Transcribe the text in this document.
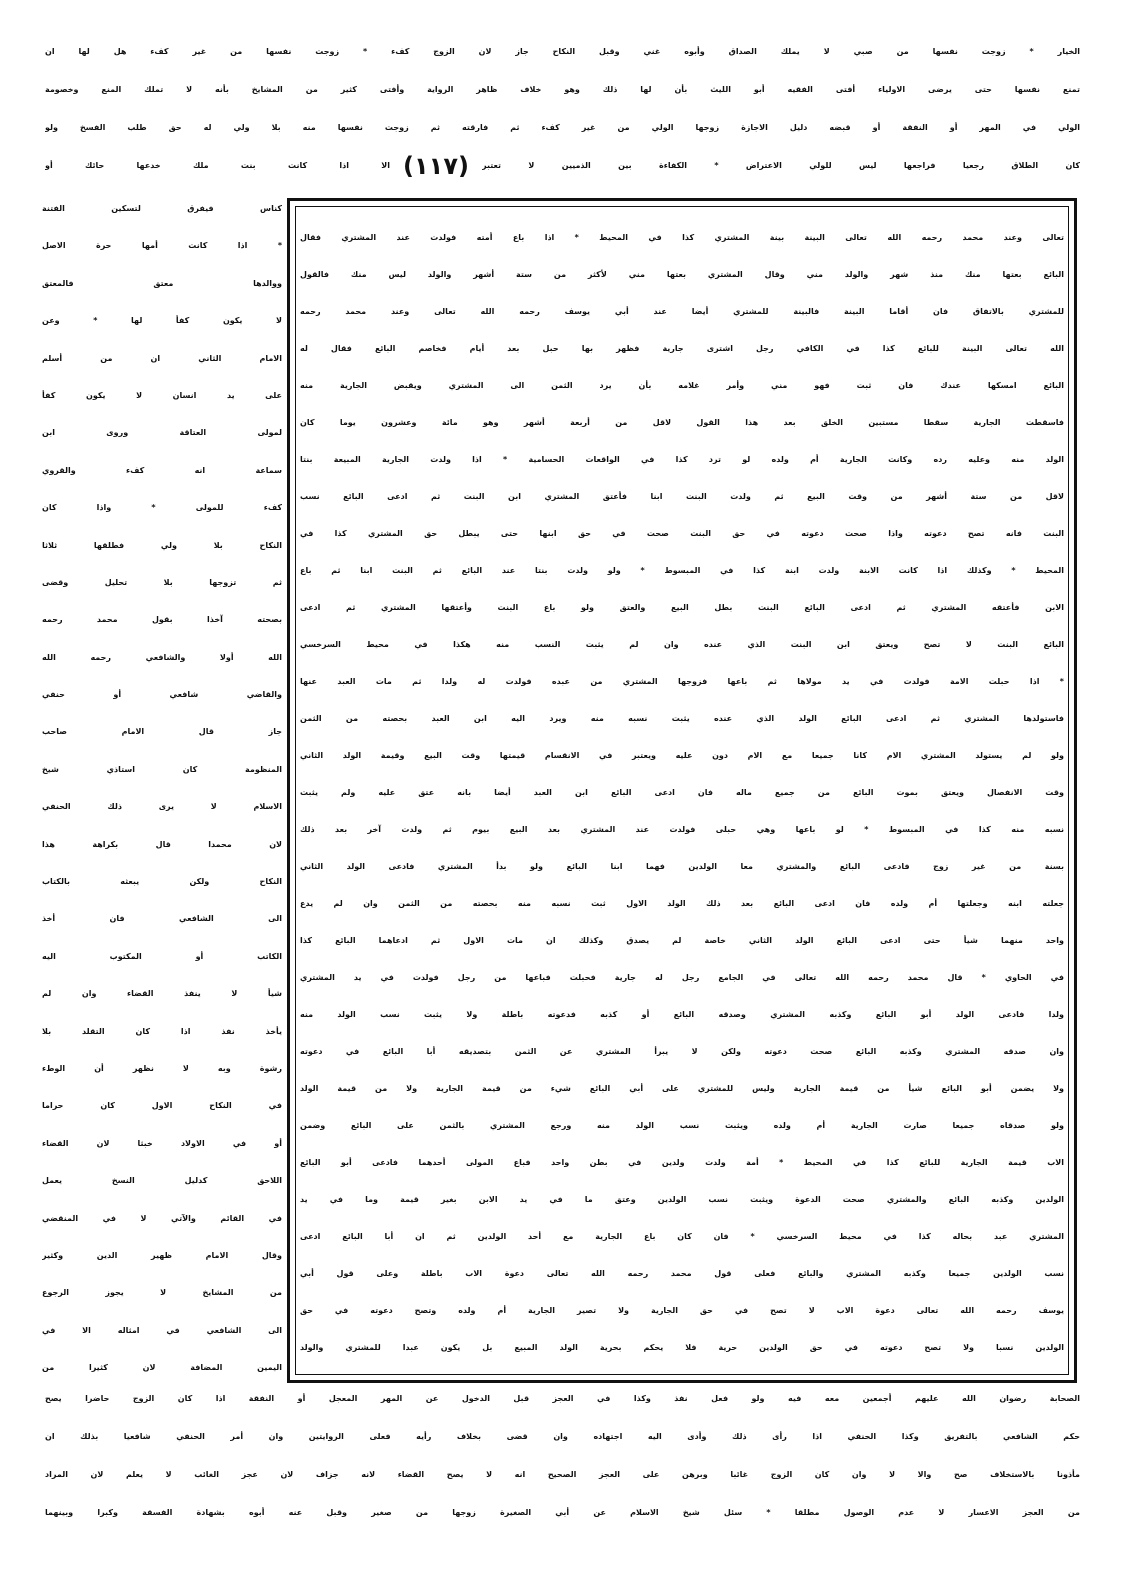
الخيار * زوجت نفسها من صبي لا يملك الصداق وأبوه غني وقبل النكاح جاز لان الزوج كفء * زوجت نفسها من غير كفء هل لها ان
تمنع نفسها حتى يرضى الاولياء أفتى الفقيه أبو الليث بأن لها ذلك وهو خلاف ظاهر الرواية وأفتى كثير من المشايخ بأنه لا تملك المنع وخصومة
الولي في المهر أو النفقة أو قبضه دليل الاجازة زوجها الولي من غير كفء ثم فارقته ثم زوجت نفسها منه بلا ولي له حق طلب الفسخ ولو
كان الطلاق رجعيا فراجعها ليس للولي الاعتراض * الكفاءة بين الذميين لا تعتبر
(١١٧)
الا اذا كانت بنت ملك خدعها حائك أو
كناس فيفرق لتسكين الفتنة
* اذا كانت أمها حرة الاصل
ووالدها معتق فالمعتق
لا يكون كفأ لها * وعن
الامام الثاني ان من أسلم
على يد انسان لا يكون كفأ
لمولى العتاقة وروى ابن
سماعة انه كفء والقروي
كفء للمولى * واذا كان
النكاح بلا ولي فطلقها ثلاثا
ثم تزوجها بلا تحليل وقضى
بصحته آخذا بقول محمد رحمه
الله أولا والشافعي رحمه الله
والقاضي شافعي أو حنفي
جاز قال الامام صاحب
المنظومة كان استاذي شيخ
الاسلام لا يرى ذلك الحنفي
لان محمدا قال بكراهة هذا
النكاح ولكن يبعثه بالكتاب
الى الشافعي فان أخذ
الكاتب أو المكتوب اليه
شيأ لا ينفذ القضاء وان لم
يأخذ نفذ اذا كان التقلد بلا
رشوة وبه لا نظهر أن الوطء
في النكاح الاول كان حراما
أو في الاولاد خبثا لان القضاء
اللاحق كدليل النسخ يعمل
في القائم والآتي لا في المنقضي
وقال الامام ظهير الدين وكثير
من المشايخ لا يجوز الرجوع
الى الشافعي في امثاله الا في
اليمين المضافة لان كثيرا من
تعالى وعند محمد رحمه الله تعالى البينة بينة المشتري كذا في المحيط * اذا باع أمته فولدت عند المشتري فقال
البائع بعتها منك منذ شهر والولد مني وقال المشتري بعتها مني لأكثر من ستة أشهر والولد ليس منك فالقول
للمشتري بالاتفاق فان أقاما البينة فالبينة للمشتري أيضا عند أبي يوسف رحمه الله تعالى وعند محمد رحمه
الله تعالى البينة للبائع كذا في الكافي رجل اشترى جارية فظهر بها حبل بعد أيام فخاصم البائع فقال له
البائع امسكها عندك فان ثبت فهو مني وأمر غلامه بأن يرد الثمن الى المشتري ويقبض الجارية منه
فاسقطت الجارية سقطا مستبين الخلق بعد هذا القول لاقل من أربعة أشهر وهو مائة وعشرون يوما كان
الولد منه وعليه رده وكانت الجارية أم ولده لو ترد كذا في الواقعات الحسامية * اذا ولدت الجارية المبيعة بنتا
لاقل من ستة أشهر من وقت البيع ثم ولدت البنت ابنا فأعتق المشتري ابن البنت ثم ادعى البائع نسب
البنت فانه تصح دعوته واذا صحت دعوته في حق البنت صحت في حق ابنها حتى يبطل حق المشتري كذا في
المحيط * وكذلك اذا كانت الابنة ولدت ابنة كذا في المبسوط * ولو ولدت بنتا عند البائع ثم البنت ابنا ثم باع
الابن فأعتقه المشتري ثم ادعى البائع البنت بطل البيع والعتق ولو باع البنت وأعتقها المشتري ثم ادعى
البائع البنت لا تصح ويعتق ابن البنت الذي عنده وان لم يثبت النسب منه هكذا في محيط السرخسي
* اذا حبلت الامة فولدت في يد مولاها ثم باعها فزوجها المشتري من عبده فولدت له ولدا ثم مات العبد عنها
فاستولدها المشتري ثم ادعى البائع الولد الذي عنده يثبت نسبه منه ويرد اليه ابن العبد بحصته من الثمن
ولو لم يستولد المشتري الام كانا جميعا مع الام دون عليه ويعتبر في الانقسام قيمتها وقت البيع وقيمة الولد الثاني
وقت الانفصال ويعتق بموت البائع من جميع ماله فان ادعى البائع ابن العبد أيضا بانه عتق عليه ولم يثبت
نسبه منه كذا في المبسوط * لو باعها وهي حبلى فولدت عند المشتري بعد البيع بيوم ثم ولدت آخر بعد ذلك
بسنة من غير زوج فادعى البائع والمشتري معا الولدين فهما ابنا البائع ولو بدأ المشتري فادعى الولد الثاني
جعلته ابنه وجعلتها أم ولده فان ادعى البائع بعد ذلك الولد الاول ثبت نسبه منه بحصته من الثمن وان لم يدع
واحد منهما شيأ حتى ادعى البائع الولد الثاني خاصة لم يصدق وكذلك ان مات الاول ثم ادعاهما البائع كذا
في الحاوي * قال محمد رحمه الله تعالى في الجامع رجل له جارية فحبلت فباعها من رجل فولدت في يد المشتري
ولدا فادعى الولد أبو البائع وكذبه المشتري وصدقه البائع أو كذبه فدعوته باطلة ولا يثبت نسب الولد منه
وان صدقه المشتري وكذبه البائع صحت دعوته ولكن لا يبرأ المشتري عن الثمن بتصديقه أبا البائع في دعوته
ولا يضمن أبو البائع شيأ من قيمة الجارية وليس للمشتري على أبي البائع شيء من قيمة الجارية ولا من قيمة الولد
ولو صدقاه جميعا صارت الجارية أم ولده ويثبت نسب الولد منه ورجع المشتري بالثمن على البائع وضمن
الاب قيمة الجارية للبائع كذا في المحيط * أمة ولدت ولدين في بطن واحد فباع المولى أحدهما فادعى أبو البائع
الولدين وكذبه البائع والمشتري صحت الدعوة ويثبت نسب الولدين وعتق ما في يد الابن بغير قيمة وما في يد
المشتري عبد بحاله كذا في محيط السرخسي * فان كان باع الجارية مع أحد الولدين ثم ان أبا البائع ادعى
نسب الولدين جميعا وكذبه المشتري والبائع فعلى قول محمد رحمه الله تعالى دعوة الاب باطلة وعلى قول أبي
يوسف رحمه الله تعالى دعوة الاب لا تصح في حق الجارية ولا تصير الجارية أم ولده وتصح دعوته في حق
الولدين نسبا ولا تصح دعوته في حق الولدين حرية فلا يحكم بحرية الولد المبيع بل يكون عبدا للمشتري والولد
الصحابة رضوان الله عليهم أجمعين معه فيه ولو فعل نفذ وكذا في العجز قبل الدخول عن المهر المعجل أو النفقة اذا كان الزوج حاضرا يصح
حكم الشافعي بالتفريق وكذا الحنفي اذا رأى ذلك وأدى اليه اجتهاده وان قضى بخلاف رأيه فعلى الروايتين وان أمر الحنفي شافعيا بذلك ان
مأذونا بالاستخلاف صح والا لا وان كان الزوج غائبا وبرهن على العجز الصحيح انه لا يصح القضاء لانه جزاف لان عجز الغائب لا يعلم لان المراد
من العجز الاعسار لا عدم الوصول مطلقا * سئل شيخ الاسلام عن أبي الصغيرة زوجها من صغير وقبل عنه أبوه بشهادة الفسقة وكبرا وبينهما
